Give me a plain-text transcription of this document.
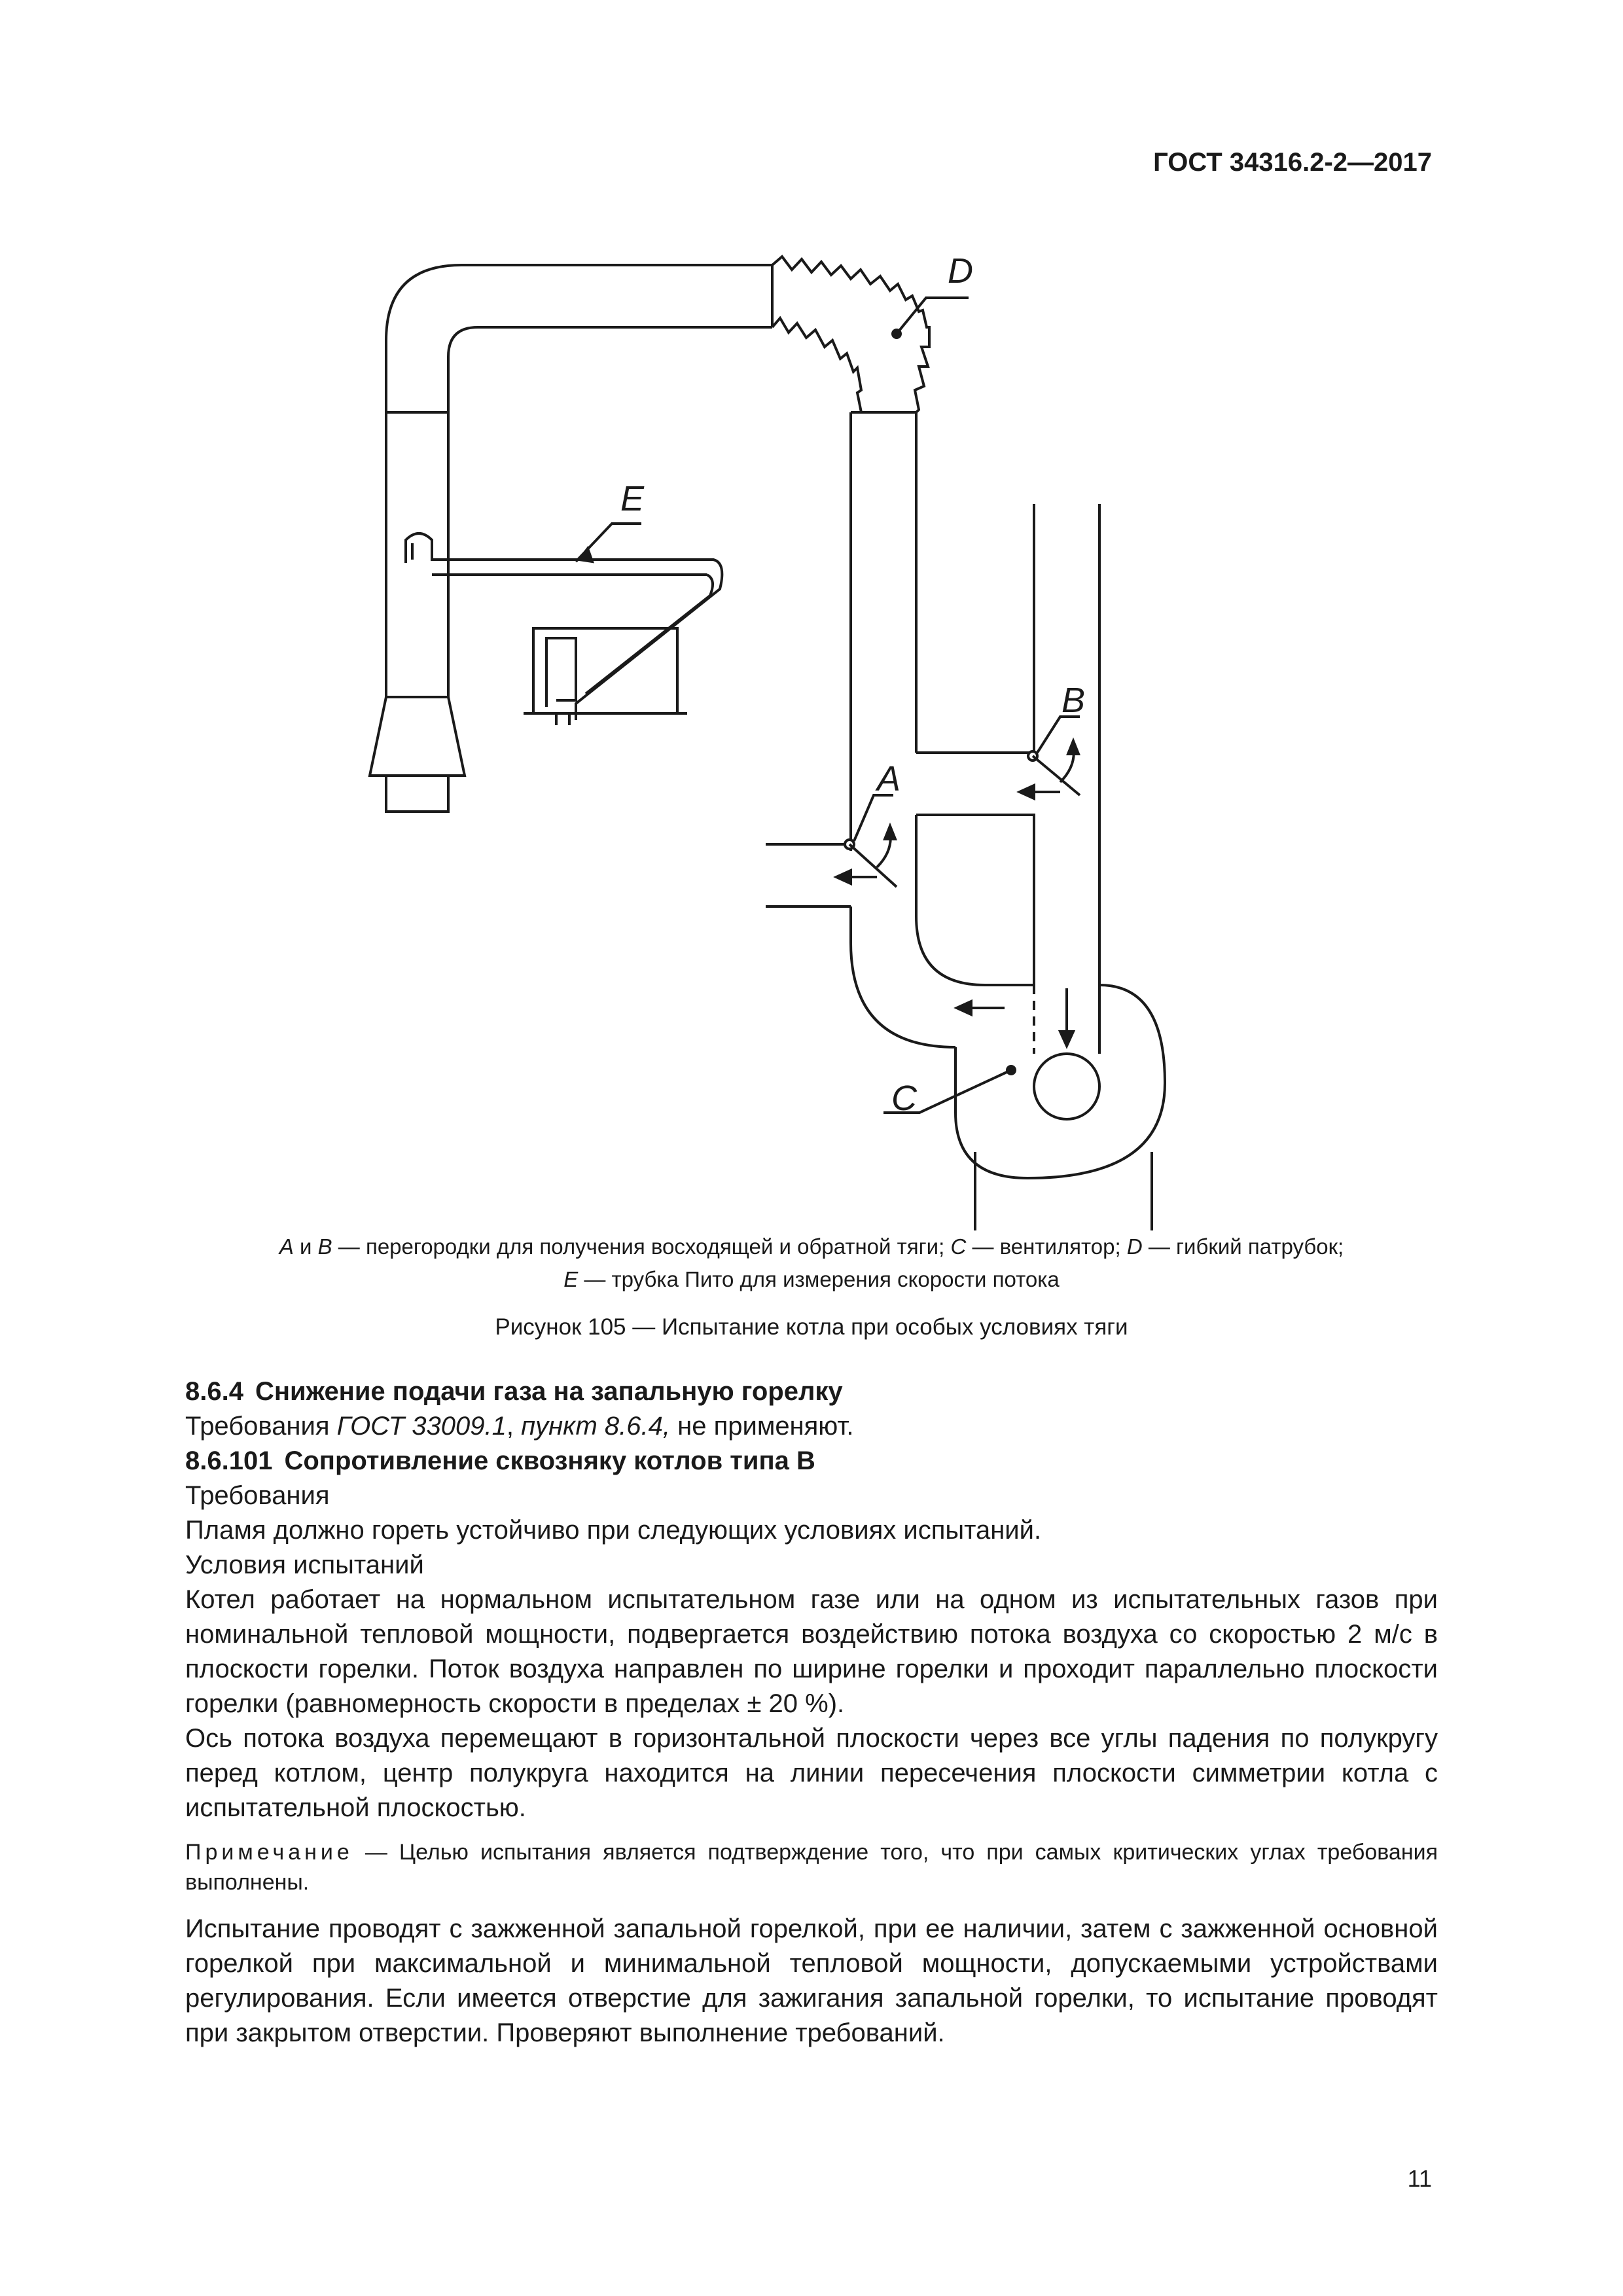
ГОСТ 34316.2-2—2017
A
B
C
D
E
A и B — перегородки для получения восходящей и обратной тяги; C — вентилятор; D — гибкий патрубок;
E — трубка Пито для измерения скорости потока
Рисунок 105 — Испытание котла при особых условиях тяги

8.6.4 Снижение подачи газа на запальную горелку

Требования ГОСТ 33009.1, пункт 8.6.4, не применяют.

8.6.101 Сопротивление сквозняку котлов типа В

Требования

Пламя должно гореть устойчиво при следующих условиях испытаний.

Условия испытаний

Котел работает на нормальном испытательном газе или на одном из испытательных газов при номинальной тепловой мощности, подвергается воздействию потока воздуха со скоростью 2 м/с в плоскости горелки. Поток воздуха направлен по ширине горелки и проходит параллельно плоскости горелки (равномерность скорости в пределах ± 20 %).

Ось потока воздуха перемещают в горизонтальной плоскости через все углы падения по полукругу перед котлом, центр полукруга находится на линии пересечения плоскости симметрии котла с испытательной плоскостью.

Примечание — Целью испытания является подтверждение того, что при самых критических углах требования выполнены.

Испытание проводят с зажженной запальной горелкой, при ее наличии, затем с зажженной основной горелкой при максимальной и минимальной тепловой мощности, допускаемыми устройствами регулирования. Если имеется отверстие для зажигания запальной горелки, то испытание проводят при закрытом отверстии. Проверяют выполнение требований.

11
